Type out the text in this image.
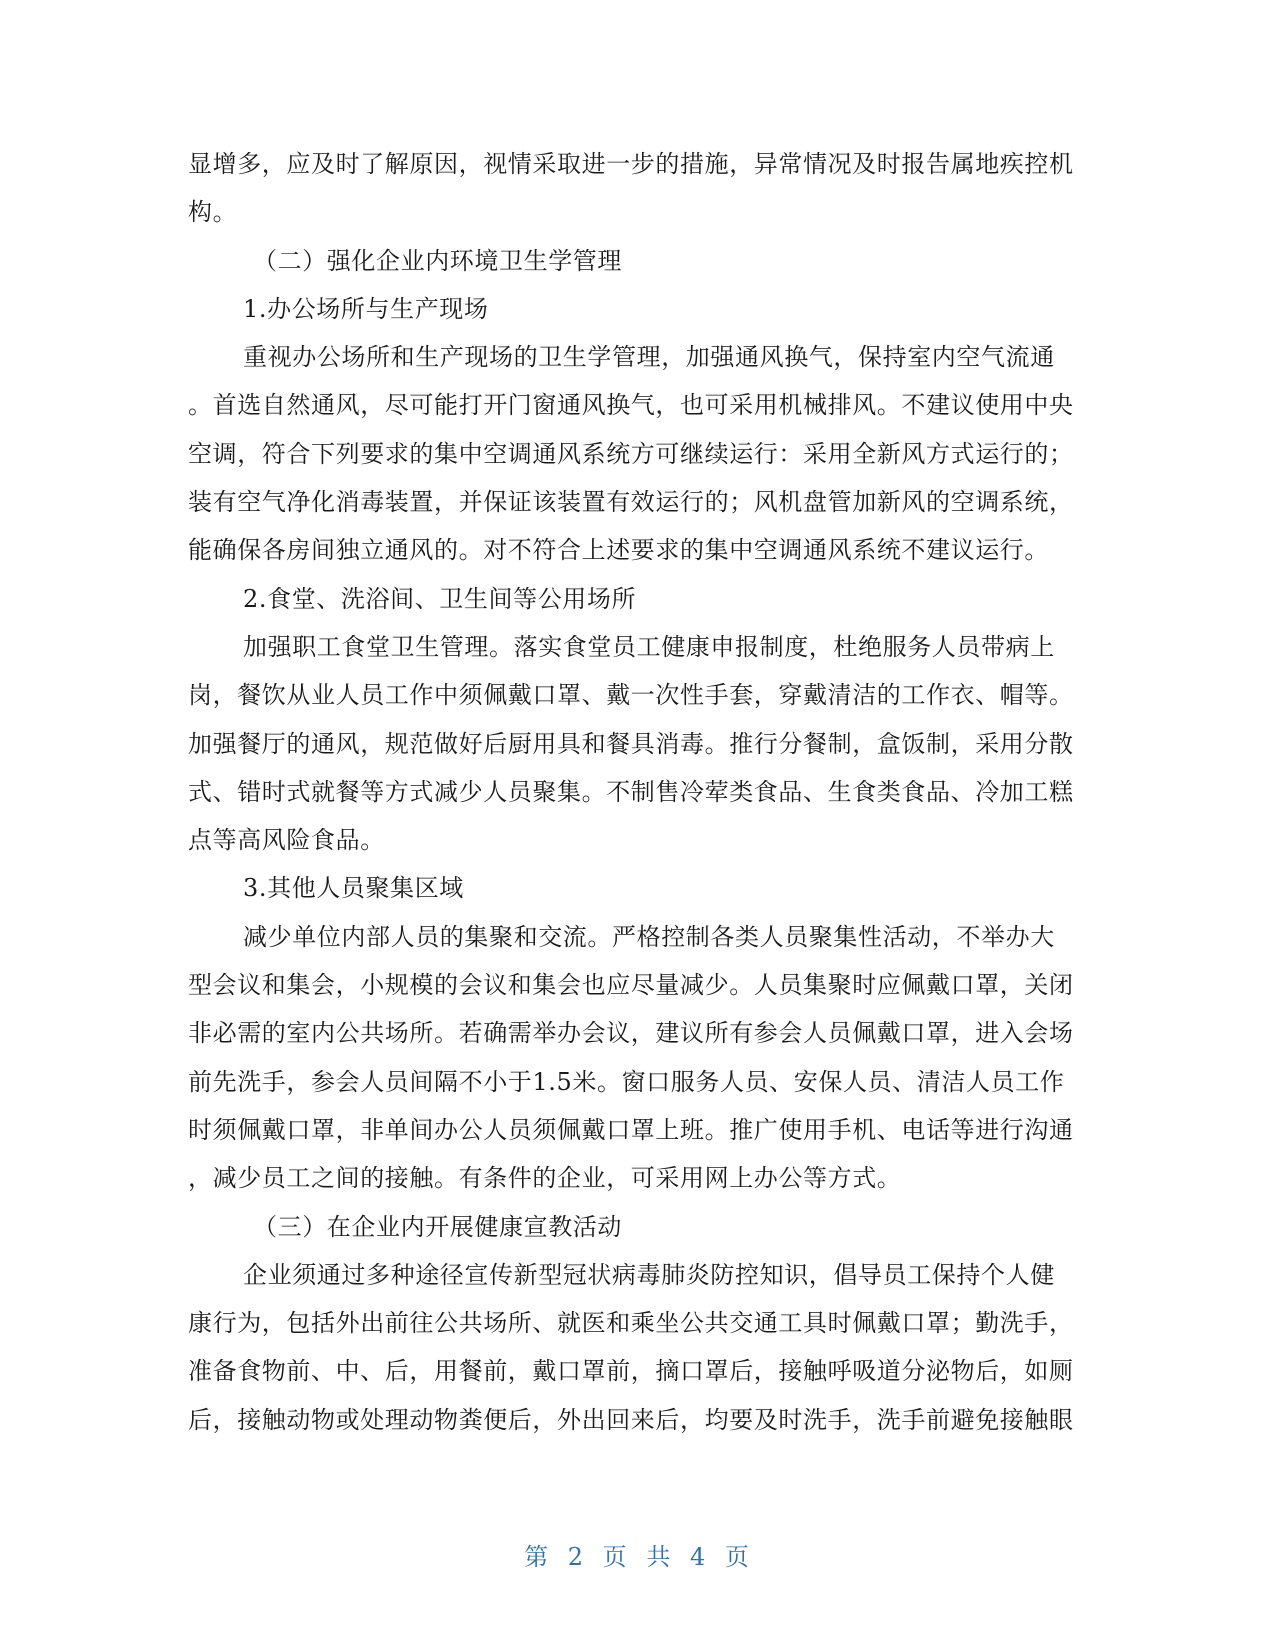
显增多，应及时了解原因，视情采取进一步的措施，异常情况及时报告属地疾控机
构。
（二）强化企业内环境卫生学管理
1.办公场所与生产现场
重视办公场所和生产现场的卫生学管理，加强通风换气，保持室内空气流通
。首选自然通风，尽可能打开门窗通风换气，也可采用机械排风。不建议使用中央
空调，符合下列要求的集中空调通风系统方可继续运行：采用全新风方式运行的；
装有空气净化消毒装置，并保证该装置有效运行的；风机盘管加新风的空调系统，
能确保各房间独立通风的。对不符合上述要求的集中空调通风系统不建议运行。
2.食堂、洗浴间、卫生间等公用场所
加强职工食堂卫生管理。落实食堂员工健康申报制度，杜绝服务人员带病上
岗，餐饮从业人员工作中须佩戴口罩、戴一次性手套，穿戴清洁的工作衣、帽等。
加强餐厅的通风，规范做好后厨用具和餐具消毒。推行分餐制，盒饭制，采用分散
式、错时式就餐等方式减少人员聚集。不制售冷荤类食品、生食类食品、冷加工糕
点等高风险食品。
3.其他人员聚集区域
减少单位内部人员的集聚和交流。严格控制各类人员聚集性活动，不举办大
型会议和集会，小规模的会议和集会也应尽量减少。人员集聚时应佩戴口罩，关闭
非必需的室内公共场所。若确需举办会议，建议所有参会人员佩戴口罩，进入会场
前先洗手，参会人员间隔不小于1.5米。窗口服务人员、安保人员、清洁人员工作
时须佩戴口罩，非单间办公人员须佩戴口罩上班。推广使用手机、电话等进行沟通
，减少员工之间的接触。有条件的企业，可采用网上办公等方式。
（三）在企业内开展健康宣教活动
企业须通过多种途径宣传新型冠状病毒肺炎防控知识，倡导员工保持个人健
康行为，包括外出前往公共场所、就医和乘坐公共交通工具时佩戴口罩；勤洗手，
准备食物前、中、后，用餐前，戴口罩前，摘口罩后，接触呼吸道分泌物后，如厕
后，接触动物或处理动物粪便后，外出回来后，均要及时洗手，洗手前避免接触眼
第 2 页 共 4 页
